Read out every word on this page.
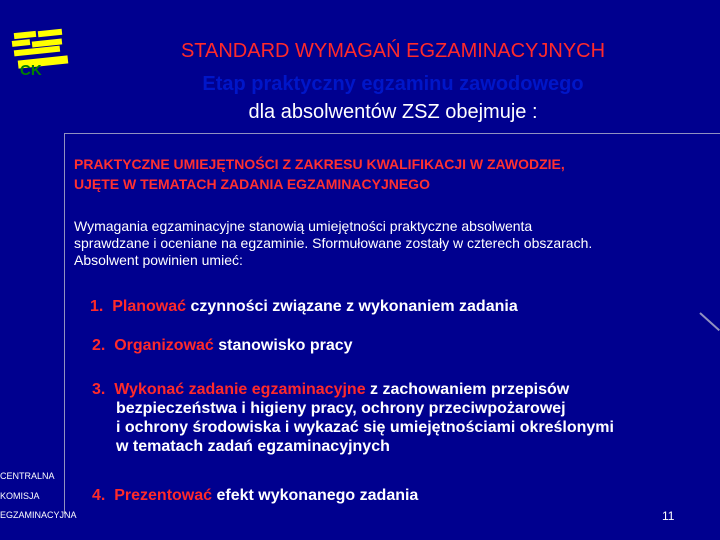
CK
STANDARD WYMAGAŃ EGZAMINACYJNYCH
Etap praktyczny egzaminu zawodowego
dla absolwentów ZSZ obejmuje :
PRAKTYCZNE UMIEJĘTNOŚCI Z ZAKRESU KWALIFIKACJI W ZAWODZIE,
UJĘTE W TEMATACH ZADANIA EGZAMINACYJNEGO
Wymagania egzaminacyjne stanowią umiejętności praktyczne absolwenta
sprawdzane i oceniane na egzaminie. Sformułowane zostały w czterech obszarach.
Absolwent powinien umieć:
1. Planować czynności związane z wykonaniem zadania
2. Organizować stanowisko pracy
3. Wykonać zadanie egzaminacyjne z zachowaniem przepisów
bezpieczeństwa i higieny pracy, ochrony przeciwpożarowej
i ochrony środowiska i wykazać się umiejętnościami określonymi
w tematach zadań egzaminacyjnych
4. Prezentować efekt wykonanego zadania
CENTRALNA
KOMISJA
EGZAMINACYJNA	11
